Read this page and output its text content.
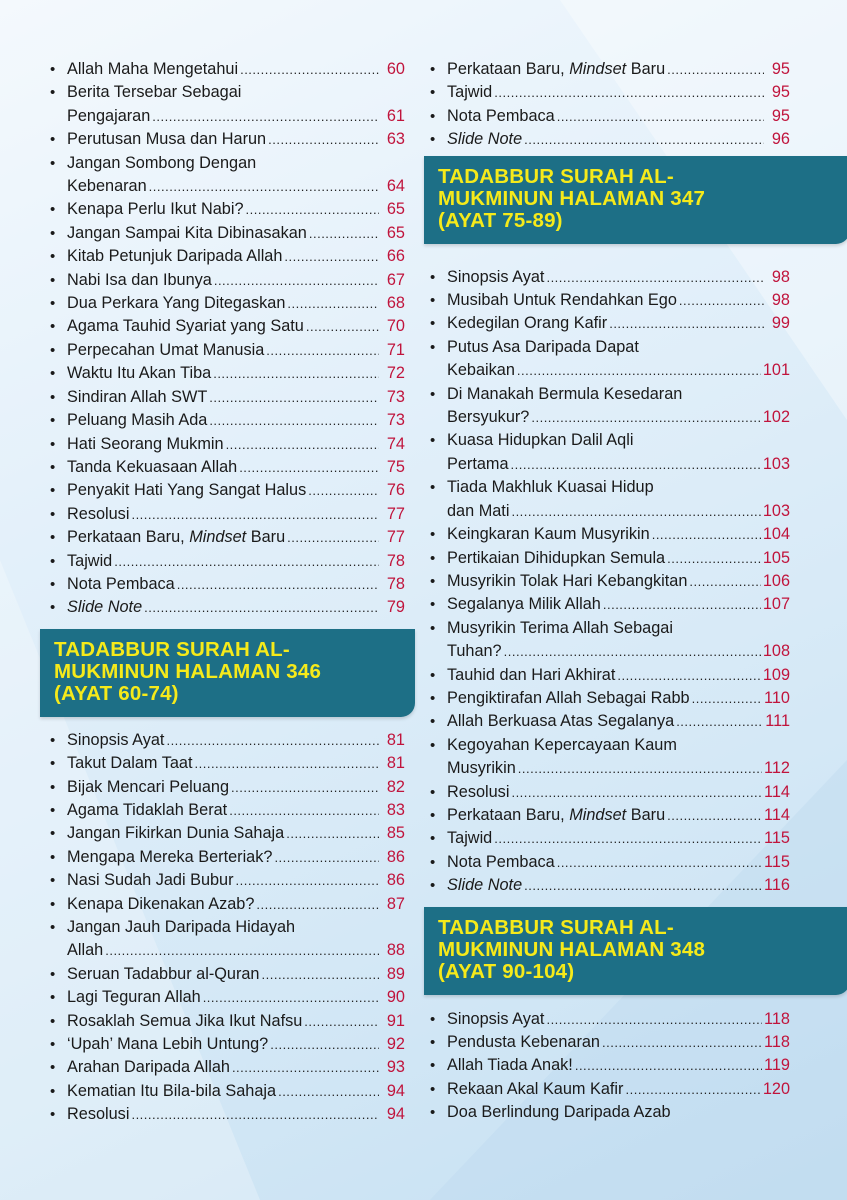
• Allah Maha Mengetahui .....	60
• Berita Tersebar Sebagai
Pengajaran .....	61
• Perutusan Musa dan Harun .....	63
• Jangan Sombong Dengan
Kebenaran .....	64
• Kenapa Perlu Ikut Nabi? .....	65
• Jangan Sampai Kita Dibinasakan .....	65
• Kitab Petunjuk Daripada Allah .....	66
• Nabi Isa dan Ibunya .....	67
• Dua Perkara Yang Ditegaskan .....	68
• Agama Tauhid Syariat yang Satu .....	70
• Perpecahan Umat Manusia .....	71
• Waktu Itu Akan Tiba .....	72
• Sindiran Allah SWT .....	73
• Peluang Masih Ada .....	73
• Hati Seorang Mukmin .....	74
• Tanda Kekuasaan Allah .....	75
• Penyakit Hati Yang Sangat Halus .....	76
• Resolusi .....	77
• Perkataan Baru, Mindset Baru .....	77
• Tajwid .....	78
• Nota Pembaca .....	78
• Slide Note .....	79
TADABBUR SURAH AL-
MUKMINUN HALAMAN 346
(AYAT 60-74)
• Sinopsis Ayat .....	81
• Takut Dalam Taat .....	81
• Bijak Mencari Peluang .....	82
• Agama Tidaklah Berat .....	83
• Jangan Fikirkan Dunia Sahaja .....	85
• Mengapa Mereka Berteriak? .....	86
• Nasi Sudah Jadi Bubur .....	86
• Kenapa Dikenakan Azab? .....	87
• Jangan Jauh Daripada Hidayah
Allah .....	88
• Seruan Tadabbur al-Quran .....	89
• Lagi Teguran Allah .....	90
• Rosaklah Semua Jika Ikut Nafsu .....	91
• ‘Upah’ Mana Lebih Untung? .....	92
• Arahan Daripada Allah .....	93
• Kematian Itu Bila-bila Sahaja .....	94
• Resolusi .....	94
• Perkataan Baru, Mindset Baru .....	95
• Tajwid .....	95
• Nota Pembaca .....	95
• Slide Note .....	96
TADABBUR SURAH AL-
MUKMINUN HALAMAN 347
(AYAT 75-89)
• Sinopsis Ayat .....	98
• Musibah Untuk Rendahkan Ego .....	98
• Kedegilan Orang Kafir .....	99
• Putus Asa Daripada Dapat
Kebaikan .....	101
• Di Manakah Bermula Kesedaran
Bersyukur? .....	102
• Kuasa Hidupkan Dalil Aqli
Pertama .....	103
• Tiada Makhluk Kuasai Hidup
dan Mati .....	103
• Keingkaran Kaum Musyrikin .....	104
• Pertikaian Dihidupkan Semula .....	105
• Musyrikin Tolak Hari Kebangkitan .....	106
• Segalanya Milik Allah .....	107
• Musyrikin Terima Allah Sebagai
Tuhan? .....	108
• Tauhid dan Hari Akhirat .....	109
• Pengiktirafan Allah Sebagai Rabb .....	110
• Allah Berkuasa Atas Segalanya .....	111
• Kegoyahan Kepercayaan Kaum
Musyrikin .....	112
• Resolusi .....	114
• Perkataan Baru, Mindset Baru .....	114
• Tajwid .....	115
• Nota Pembaca .....	115
• Slide Note .....	116
TADABBUR SURAH AL-
MUKMINUN HALAMAN 348
(AYAT 90-104)
• Sinopsis Ayat .....	118
• Pendusta Kebenaran .....	118
• Allah Tiada Anak! .....	119
• Rekaan Akal Kaum Kafir .....	120
• Doa Berlindung Daripada Azab
